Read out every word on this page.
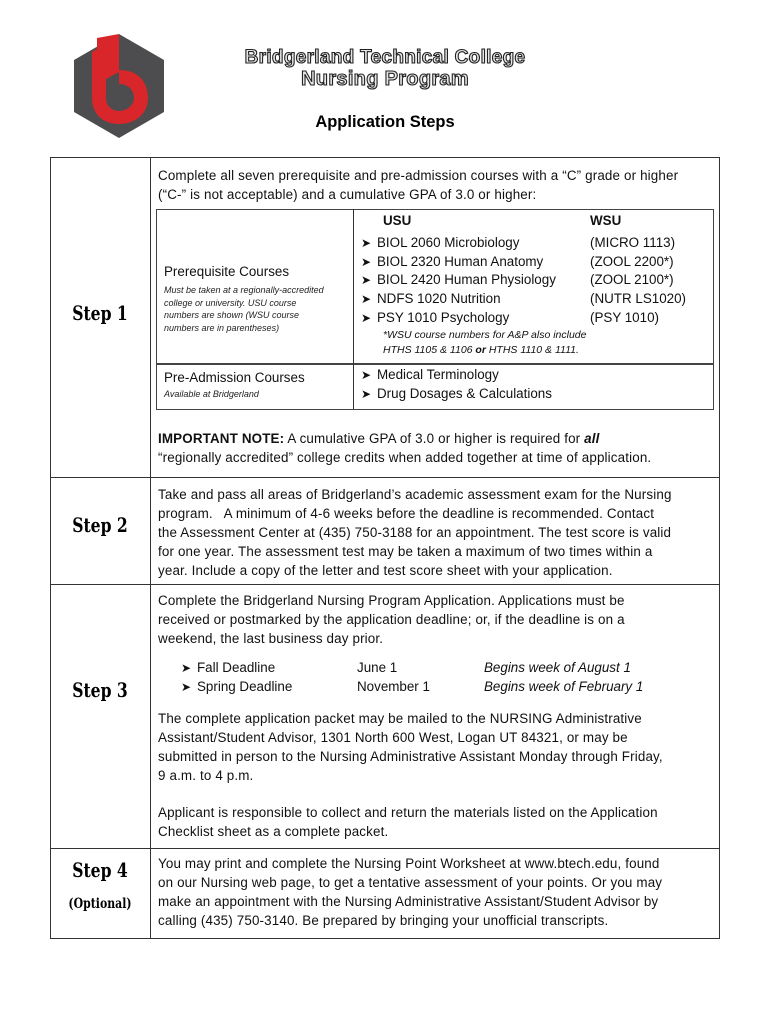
Bridgerland Technical College
Nursing Program
Application Steps
Step 1
Step 2
Step 3
Step 4
(Optional)
Complete all seven prerequisite and pre-admission courses with a “C” grade or higher
(“C-” is not acceptable) and a cumulative GPA of 3.0 or higher:
Prerequisite Courses
Must be taken at a regionally-accredited
college or university. USU course
numbers are shown (WSU course
numbers are in parentheses)
USU	WSU
➤ BIOL 2060 Microbiology
➤ BIOL 2320 Human Anatomy
➤ BIOL 2420 Human Physiology
➤ NDFS 1020 Nutrition
➤ PSY 1010 Psychology
(MICRO 1113)
(ZOOL 2200*)
(ZOOL 2100*)
(NUTR LS1020)
(PSY 1010)
*WSU course numbers for A&P also include
HTHS 1105 & 1106 or HTHS 1110 & 1111.
Pre-Admission Courses
Available at Bridgerland
➤ Medical Terminology
➤ Drug Dosages & Calculations
IMPORTANT NOTE: A cumulative GPA of 3.0 or higher is required for all
“regionally accredited” college credits when added together at time of application.
Take and pass all areas of Bridgerland’s academic assessment exam for the Nursing
program.   A minimum of 4-6 weeks before the deadline is recommended. Contact
the Assessment Center at (435) 750-3188 for an appointment. The test score is valid
for one year. The assessment test may be taken a maximum of two times within a
year. Include a copy of the letter and test score sheet with your application.
Complete the Bridgerland Nursing Program Application. Applications must be
received or postmarked by the application deadline; or, if the deadline is on a
weekend, the last business day prior.
➤ Fall Deadline
➤ Spring Deadline
June 1
November 1
Begins week of August 1
Begins week of February 1
The complete application packet may be mailed to the NURSING Administrative
Assistant/Student Advisor, 1301 North 600 West, Logan UT 84321, or may be
submitted in person to the Nursing Administrative Assistant Monday through Friday,
9 a.m. to 4 p.m.
Applicant is responsible to collect and return the materials listed on the Application
Checklist sheet as a complete packet.
You may print and complete the Nursing Point Worksheet at www.btech.edu, found
on our Nursing web page, to get a tentative assessment of your points. Or you may
make an appointment with the Nursing Administrative Assistant/Student Advisor by
calling (435) 750-3140. Be prepared by bringing your unofficial transcripts.
